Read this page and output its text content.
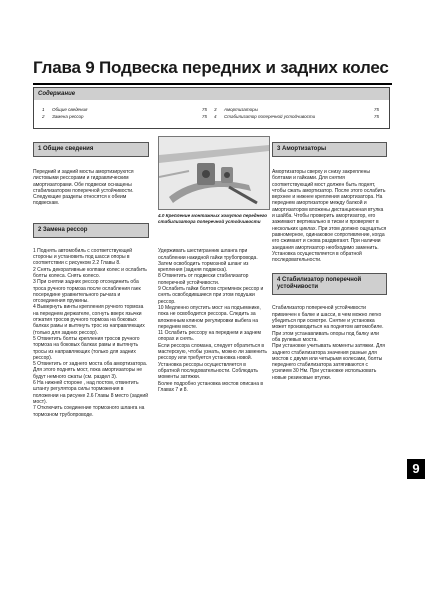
Глава 9 Подвеска передних и задних колес
Содержание
1	Общие сведения	75
2	Замена рессор	75
3	Амортизаторы	75
4	Стабилизатор поперечной устойчивости	75
1 Общие сведения

Передний и задний мосты амортизируются листовыми рессорами и гидравлическим амортизаторами. Обе подвески оснащены стабилизатором поперечной устойчивости.
Следующие разделы относятся к обеим подвескам.

2 Замена рессор

1 Поднять автомобиль с соответствующей стороны и установить под шасси опоры в соответствии с рисунком 2.2 Главы 8.
2 Снять декоративные колпаки колес и ослабить болты колеса. Снять колесо.
3 При снятии задних рессор отсоединить оба троса ручного тормоза после ослабления гаек посередине уравнительного рычага и отсоединения пружины.
4 Вывернуть винты крепления ручного тормоза на переднем держателе, согнуть вверх язычки отжатия тросов ручного тормоза на боковых балках рамы и вытянуть трос из направляющих (только для задних рессор).
5 Отвинтить болты крепления тросов ручного тормоза на боковых балках рамы и вытянуть тросы из направляющих (только для задних рессор).
5 Отвинтить от заднего моста оба амортизатора. Для этого поднять мост, пока амортизаторы не будут немного сжаты (см. раздел 3).
6 На нижней стороне , над постом, отвинтить штангу регулятора силы торможения в положении на рисунке 2.6 Главы 8 место (задний мост).
7 Отключить соединение тормозного шланга на тормозном трубопроводе.

4.0 Крепление монтажных хомутов переднего стабилизатора поперечной устойчивости

Удерживать шестигранник шланга при ослаблении накидной гайки трубопровода. Затем освободить тормозной шланг из крепления (задняя подвеска).
8 Отвинтить от подвески стабилизатор поперечной устойчивости.
9 Ослабить гайки болтов стремянок рессор и снять освободившиеся при этом подушки рессор.
10 Медленно опустить мост на подъемнике, пока не освободится рессора. Следить за вложенным клином регулировки выбега на переднем мосте.
11 Ослабить рессору на переднем и заднем опорах и снять.
Если рессора сломана, следует обратиться в мастерскую, чтобы узнать, можно ли заменить рессору или требуется установка новой.
Установка рессоры осуществляется в обратной последовательности. Соблюдать моменты затяжки.
Более подробно установка мостов описана в Главах 7 и 8.

3 Амортизаторы

Амортизаторы сверху и снизу закреплены болтами и гайками. Для снятия соответствующий мост должен быть поднят, чтобы сжать амортизатор. После этого ослабить верхнее и нижнее крепления амортизатора. На переднем амортизаторе между балкой и амортизатором вложены дистанционная втулка и шайба. Чтобы проверить амортизатор, его зажимают вертикально в тиски и проверяют в нескольких циклах. При этом должно ощущаться равномерное, одинаковое сопротивление, когда его сжимают и снова раздвигают. При наличии заедания амортизатор необходимо заменить. Установка осуществляется в обратной последовательности.

4 Стабилизатор поперечной устойчивости

Стабилизатор поперечной устойчивости привинчен к балке и шасси, в чем можно легко убедиться при осмотре. Снятие и установка может производиться на поднятом автомобиле. При этом устанавливать опоры под балку или оба рулевых моста.
При установке учитывать моменты затяжки. Для заднего стабилизатора значения разные для мостов с двумя или четырьмя колесами, болты переднего стабилизатора затягиваются с усилием 30 Нм. При установке использовать новые резиновые втулки.

9
